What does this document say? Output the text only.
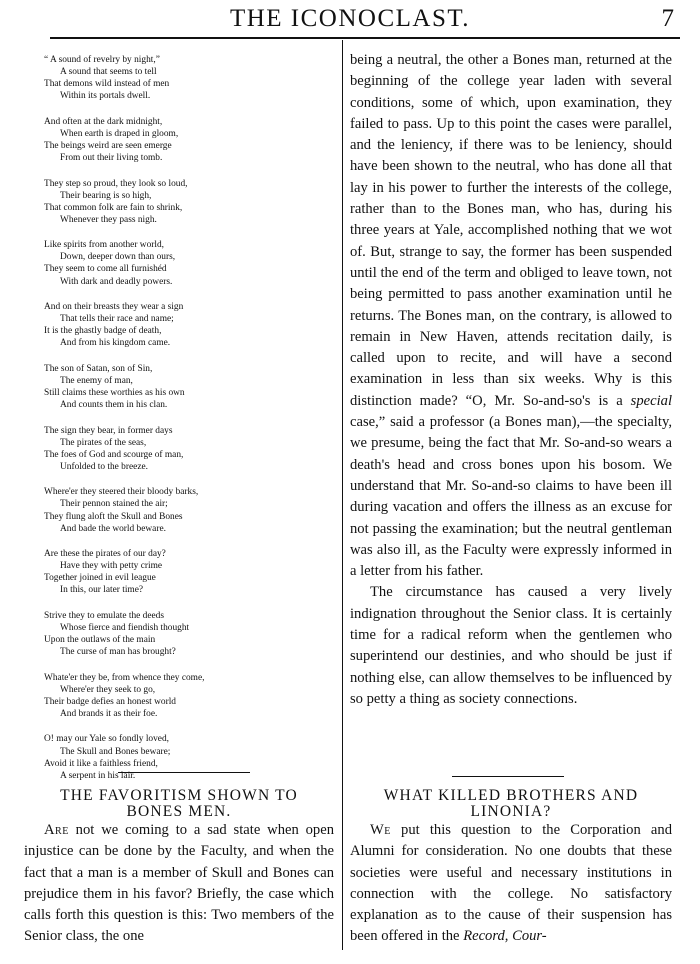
THE ICONOCLAST.	7
“ A sound of revelry by night,”
A sound that seems to tell
That demons wild instead of men
Within its portals dwell.
And often at the dark midnight,
When earth is draped in gloom,
The beings weird are seen emerge
From out their living tomb.
They step so proud, they look so loud,
Their bearing is so high,
That common folk are fain to shrink,
Whenever they pass nigh.
Like spirits from another world,
Down, deeper down than ours,
They seem to come all furnishéd
With dark and deadly powers.
And on their breasts they wear a sign
That tells their race and name;
It is the ghastly badge of death,
And from his kingdom came.
The son of Satan, son of Sin,
The enemy of man,
Still claims these worthies as his own
And counts them in his clan.
The sign they bear, in former days
The pirates of the seas,
The foes of God and scourge of man,
Unfolded to the breeze.
Where'er they steered their bloody barks,
Their pennon stained the air;
They flung aloft the Skull and Bones
And bade the world beware.
Are these the pirates of our day?
Have they with petty crime
Together joined in evil league
In this, our later time?
Strive they to emulate the deeds
Whose fierce and fiendish thought
Upon the outlaws of the main
The curse of man has brought?
Whate'er they be, from whence they come,
Where'er they seek to go,
Their badge defies an honest world
And brands it as their foe.
O! may our Yale so fondly loved,
The Skull and Bones beware;
Avoid it like a faithless friend,
A serpent in his lair.
THE FAVORITISM SHOWN TO
BONES MEN.

Are not we coming to a sad state when open injustice can be done by the Faculty, and when the fact that a man is a member of Skull and Bones can prejudice them in his favor? Briefly, the case which calls forth this question is this: Two members of the Senior class, the one

being a neutral, the other a Bones man, returned at the beginning of the college year laden with several conditions, some of which, upon examination, they failed to pass. Up to this point the cases were parallel, and the leniency, if there was to be leniency, should have been shown to the neutral, who has done all that lay in his power to further the interests of the college, rather than to the Bones man, who has, during his three years at Yale, accomplished nothing that we wot of. But, strange to say, the former has been suspended until the end of the term and obliged to leave town, not being permitted to pass another examination until he returns. The Bones man, on the contrary, is allowed to remain in New Haven, attends recitation daily, is called upon to recite, and will have a second examination in less than six weeks. Why is this distinction made? “O, Mr. So-and-so's is a special case,” said a professor (a Bones man),—the specialty, we presume, being the fact that Mr. So-and-so wears a death's head and cross bones upon his bosom. We understand that Mr. So-and-so claims to have been ill during vacation and offers the illness as an excuse for not passing the examination; but the neutral gentleman was also ill, as the Faculty were expressly informed in a letter from his father.

The circumstance has caused a very lively indignation throughout the Senior class. It is certainly time for a radical reform when the gentlemen who superintend our destinies, and who should be just if nothing else, can allow themselves to be influenced by so petty a thing as society connections.

WHAT KILLED BROTHERS AND
LINONIA?

We put this question to the Corporation and Alumni for consideration. No one doubts that these societies were useful and necessary institutions in connection with the college. No satisfactory explanation as to the cause of their suspension has been offered in the Record, Cour-
